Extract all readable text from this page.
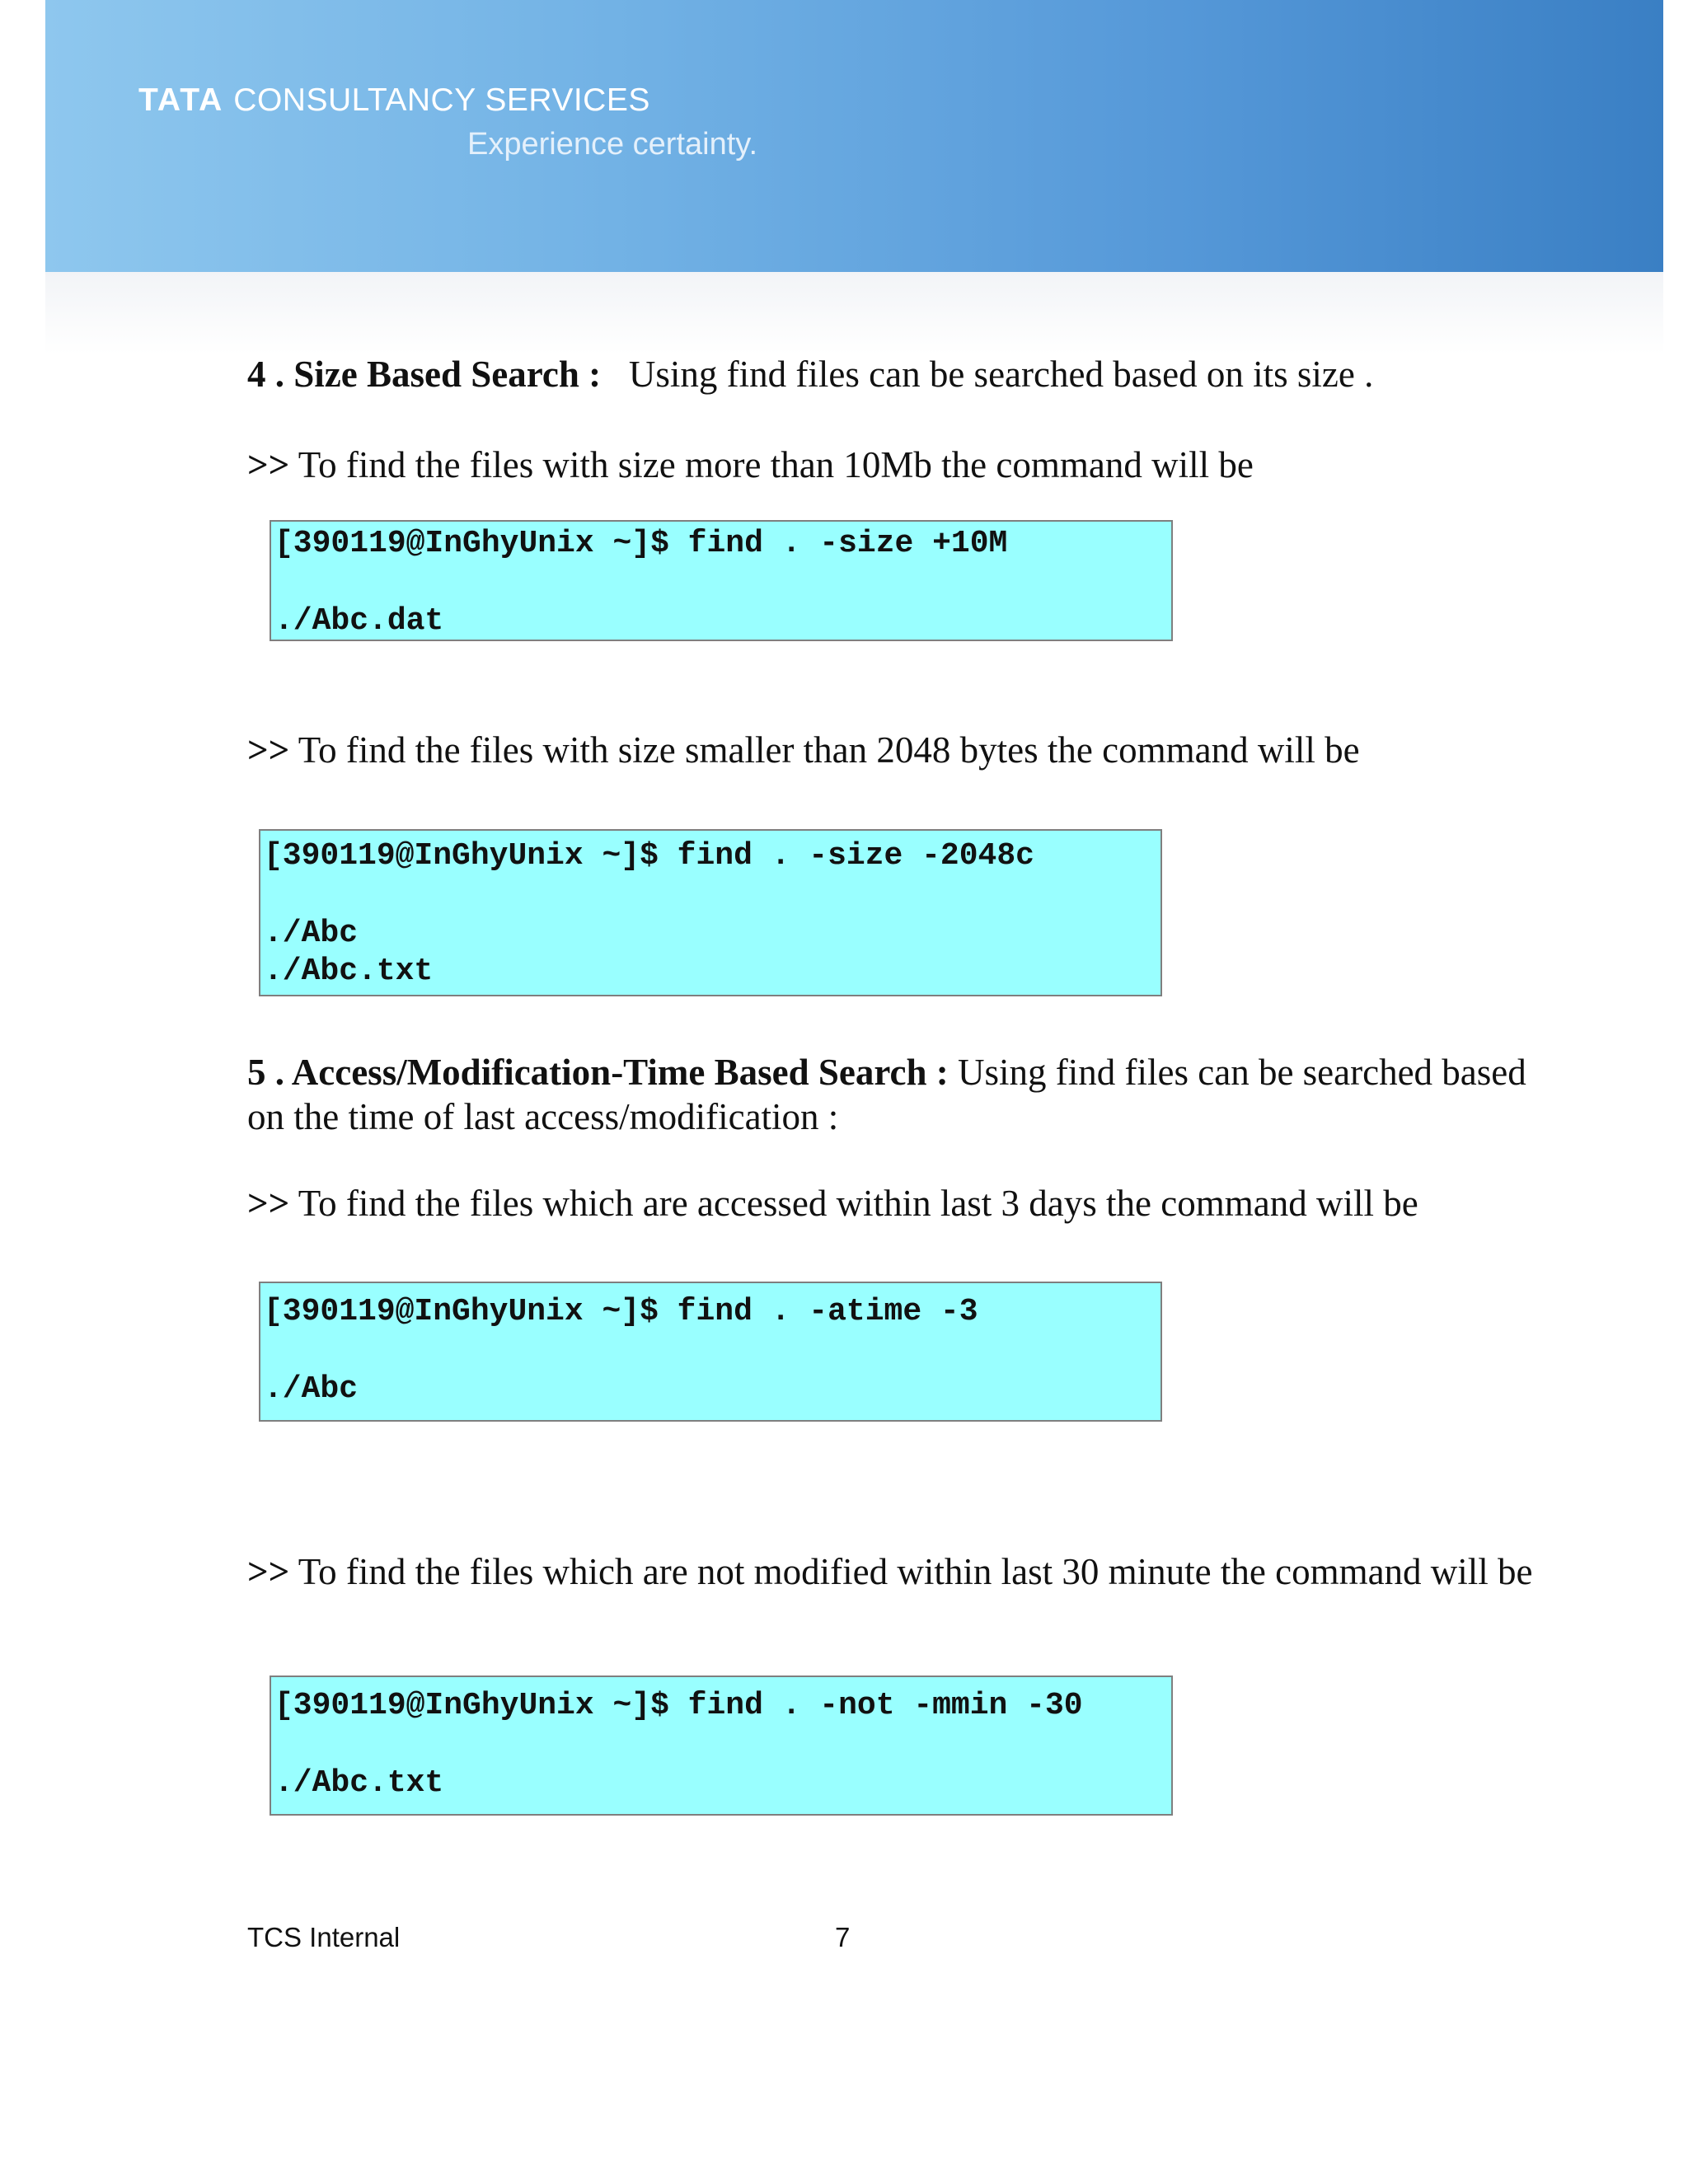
TATA CONSULTANCY SERVICES
Experience certainty.
4 . Size Based Search : Using find files can be searched based on its size .
>> To find the files with size more than 10Mb the command will be
[390119@InGhyUnix ~]$ find . -size +10M
./Abc.dat
>> To find the files with size smaller than 2048 bytes the command will be
[390119@InGhyUnix ~]$ find . -size -2048c
./Abc
./Abc.txt
5 . Access/Modification-Time Based Search : Using find files can be searched based on the time of last access/modification :
>> To find the files which are accessed within last 3 days the command will be
[390119@InGhyUnix ~]$ find . -atime -3
./Abc
>> To find the files which are not modified within last 30 minute the command will be
[390119@InGhyUnix ~]$ find . -not -mmin -30
./Abc.txt
TCS Internal	7
